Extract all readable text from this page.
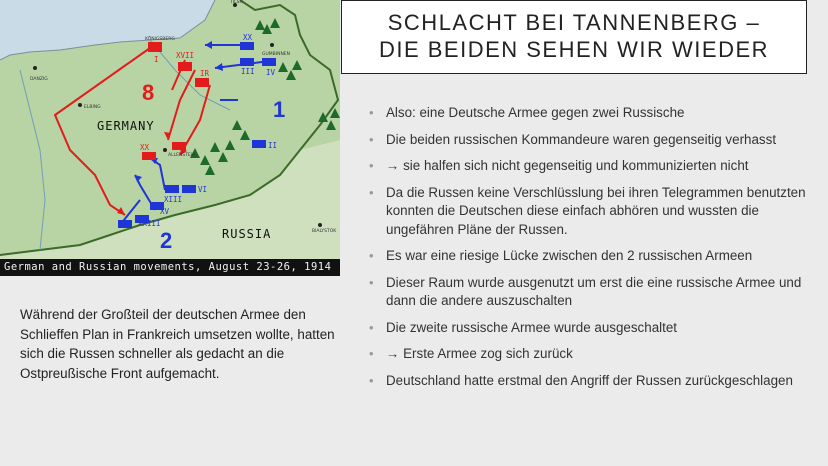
I XVII
IR
XX
XX
III IV
II
XIII
VI
XV
XXIII
I
KÖNIGSBERG
DANZIG
ELBING
TILSIT
GUMBINNEN
ALLENSTEIN
BIALYSTOK
GERMANY
RUSSIA
8
1
2
German and Russian movements, August 23-26, 1914
SCHLACHT BEI TANNENBERG –
DIE BEIDEN SEHEN WIR WIEDER
• Also: eine Deutsche Armee gegen zwei Russische
• Die beiden russischen Kommandeure waren gegenseitig verhasst
• → sie halfen sich nicht gegenseitig und kommunizierten nicht
• Da die Russen keine Verschlüsslung bei ihren Telegrammen benutzten konnten die Deutschen diese einfach abhören und wussten die ungefähren Pläne der Russen.
• Es war eine riesige Lücke zwischen den 2 russischen Armeen
• Dieser Raum wurde ausgenutzt um erst die eine russische Armee und dann die andere auszuschalten
• Die zweite russische Armee wurde ausgeschaltet
• → Erste Armee zog sich zurück
• Deutschland hatte erstmal den Angriff der Russen zurückgeschlagen
Während der Großteil der deutschen Armee den Schlieffen Plan in Frankreich umsetzen wollte, hatten sich die Russen schneller als gedacht an die Ostpreußische Front aufgemacht.
